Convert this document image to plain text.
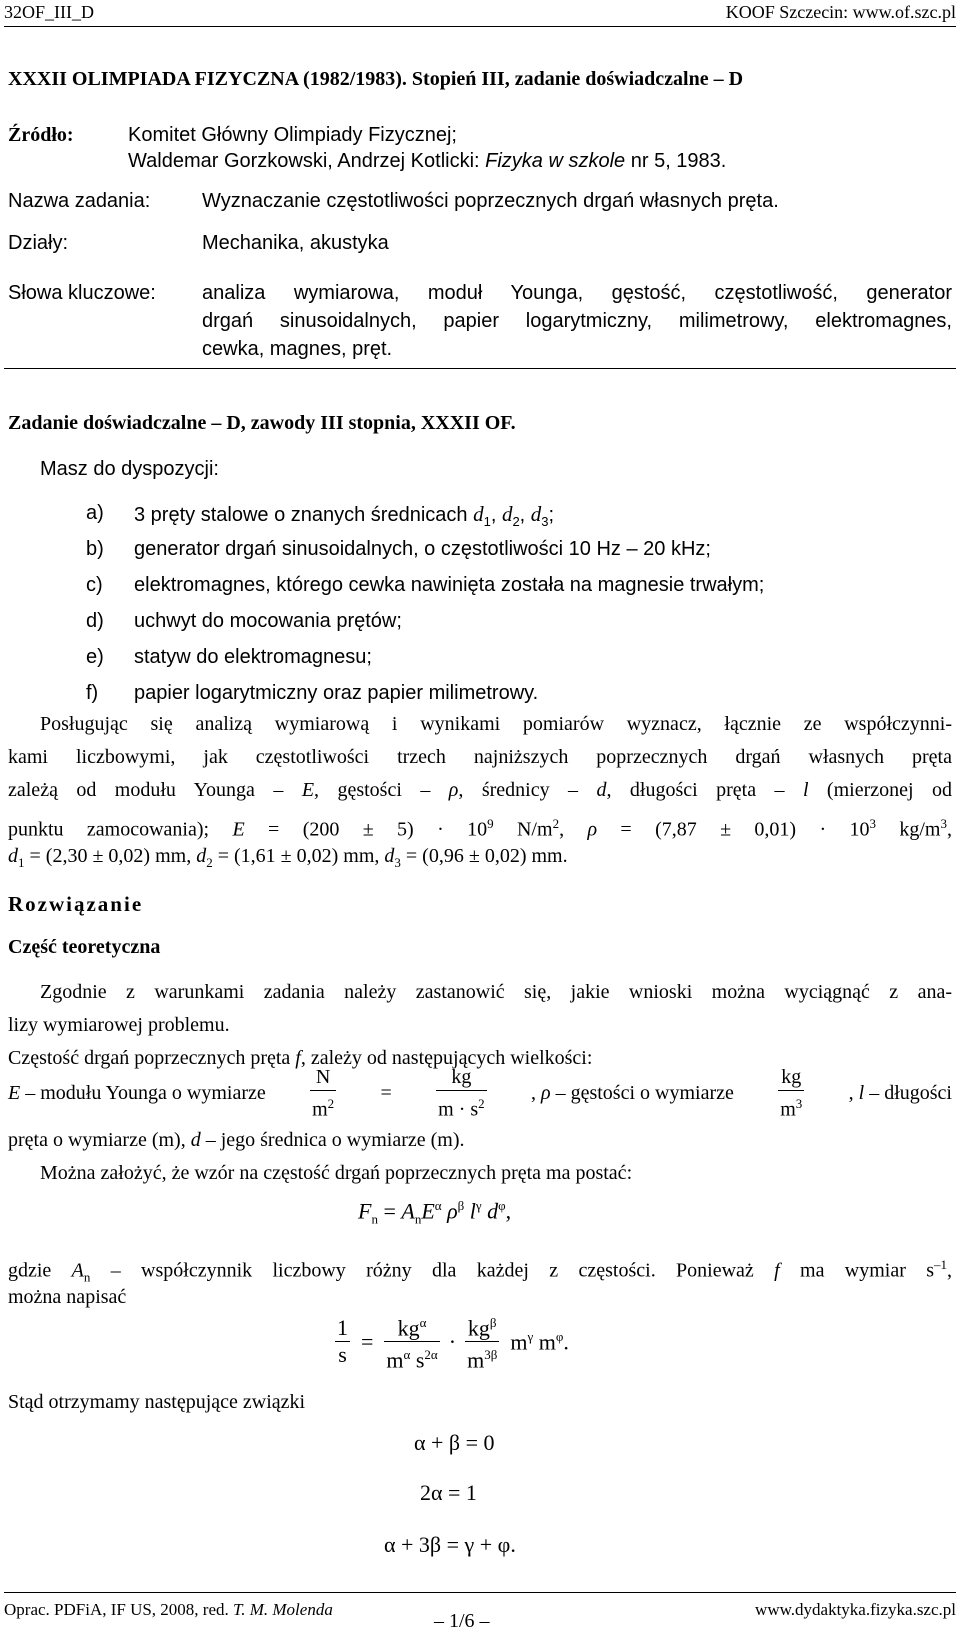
32OF_III_D	KOOF Szczecin: www.of.szc.pl
XXXII OLIMPIADA FIZYCZNA (1982/1983). Stopień III, zadanie doświadczalne – D
Źródło:	Komitet Główny Olimpiady Fizycznej;
Waldemar Gorzkowski, Andrzej Kotlicki: Fizyka w szkole nr 5, 1983.
Nazwa zadania:	Wyznaczanie częstotliwości poprzecznych drgań własnych pręta.
Działy:	Mechanika, akustyka
Słowa kluczowe: analiza wymiarowa, moduł Younga, gęstość, częstotliwość, generator
drgań sinusoidalnych, papier logarytmiczny, milimetrowy, elektromagnes,
cewka, magnes, pręt.
Zadanie doświadczalne – D, zawody III stopnia, XXXII OF.
Masz do dyspozycji:
a) 3 pręty stalowe o znanych średnicach $d_1$, $d_2$, $d_3$;
b) generator drgań sinusoidalnych, o częstotliwości 10 Hz – 20 kHz;
c) elektromagnes, którego cewka nawinięta została na magnesie trwałym;
d) uchwyt do mocowania prętów;
e) statyw do elektromagnesu;
f) papier logarytmiczny oraz papier milimetrowy.
Posługując się analizą wymiarową i wynikami pomiarów wyznacz, łącznie ze współczynni-
kami liczbowymi, jak częstotliwości trzech najniższych poprzecznych drgań własnych pręta
zależą od modułu Younga – E, gęstości – ρ, średnicy – d, długości pręta – l (mierzonej od
punktu zamocowania); $E = (200 \pm 5) \cdot 10^9$ $N/m^2$, $\rho = (7,87 \pm 0,01) \cdot 10^3$ $kg/m^3$,
$d_1 = (2,30 \pm 0,02)$ mm, $d_2 = (1,61 \pm 0,02)$ mm, $d_3 = (0,96 \pm 0,02)$ mm.
Rozwiązanie
Część teoretyczna
Zgodnie z warunkami zadania należy zastanowić się, jakie wnioski można wyciągnąć z ana-
lizy wymiarowej problemu.
Częstość drgań poprzecznych pręta f, zależy od następujących wielkości:
E – modułu Younga o wymiarze $\frac{N}{m^2} = \frac{kg}{m \cdot s^2}$ , ρ – gęstości o wymiarze $\frac{kg}{m^3}$ , l – długości
pręta o wymiarze (m), d – jego średnica o wymiarze (m).
Można założyć, że wzór na częstość drgań poprzecznych pręta ma postać:
$F_n = A_nE^\alpha$ $\rho^\beta$ $l^\gamma$ $d^\varphi$,
gdzie $A_n$ – współczynnik liczbowy różny dla każdej z częstości. Ponieważ f ma wymiar $s^{-1}$,
można napisać
$\frac{1}{s} = \frac{kg^\alpha}{m^\alpha s^{2\alpha}} \cdot \frac{kg^\beta}{m^{3\beta}} m^\gamma$ $m^\varphi$.
Stąd otrzymamy następujące związki
α + β = 0
2α = 1
α + 3β = γ + φ.
Oprac. PDFiA, IF US, 2008, red. T. M. Molenda
– 1/6 –
www.dydaktyka.fizyka.szc.pl
